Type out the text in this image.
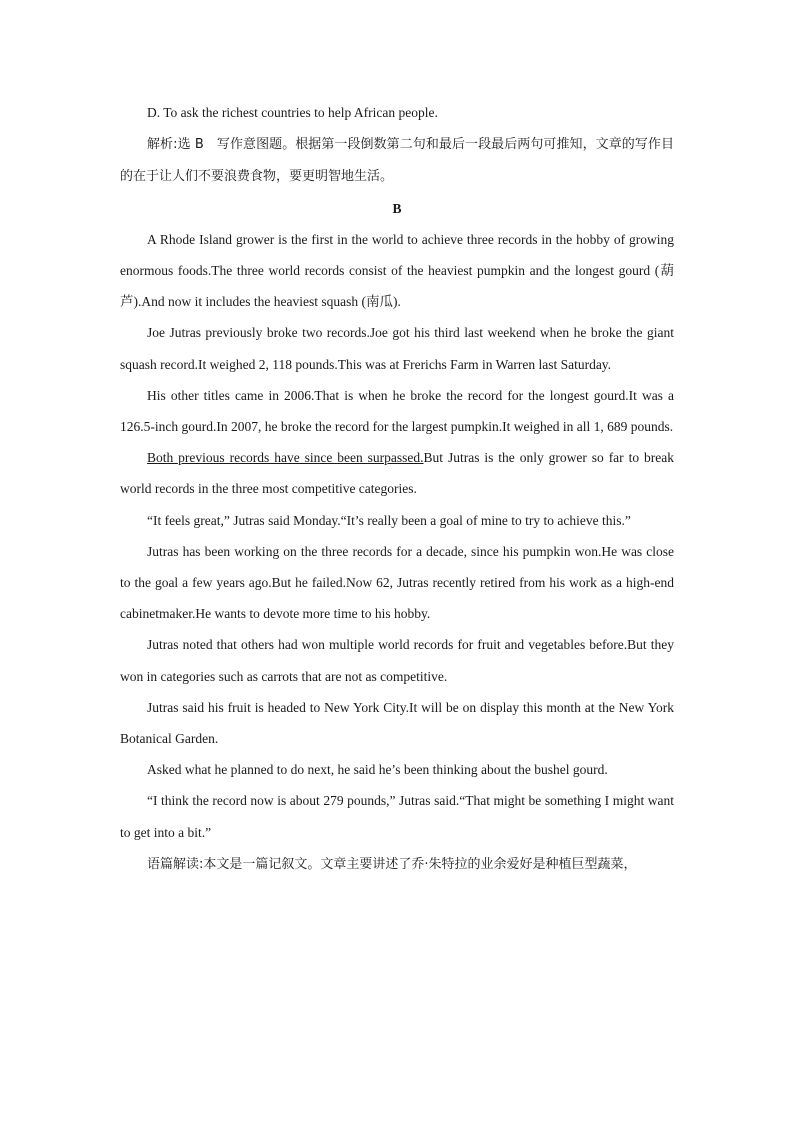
D. To ask the richest countries to help African people.

解析:选 B　写作意图题。根据第一段倒数第二句和最后一段最后两句可推知，文章的写作目的在于让人们不要浪费食物，要更明智地生活。

B

A Rhode Island grower is the first in the world to achieve three records in the hobby of growing enormous foods.The three world records consist of the heaviest pumpkin and the longest gourd (葫芦).And now it includes the heaviest squash (南瓜).

Joe Jutras previously broke two records.Joe got his third last weekend when he broke the giant squash record.It weighed 2, 118 pounds.This was at Frerichs Farm in Warren last Saturday.

His other titles came in 2006.That is when he broke the record for the longest gourd.It was a 126.5-inch gourd.In 2007, he broke the record for the largest pumpkin.It weighed in all 1, 689 pounds.

Both previous records have since been surpassed.But Jutras is the only grower so far to break world records in the three most competitive categories.

“It feels great,” Jutras said Monday.“It’s really been a goal of mine to try to achieve this.”

Jutras has been working on the three records for a decade, since his pumpkin won.He was close to the goal a few years ago.But he failed.Now 62, Jutras recently retired from his work as a high-end cabinetmaker.He wants to devote more time to his hobby.

Jutras noted that others had won multiple world records for fruit and vegetables before.But they won in categories such as carrots that are not as competitive.

Jutras said his fruit is headed to New York City.It will be on display this month at the New York Botanical Garden.

Asked what he planned to do next, he said he’s been thinking about the bushel gourd.

“I think the record now is about 279 pounds,” Jutras said.“That might be something I might want to get into a bit.”

语篇解读:本文是一篇记叙文。文章主要讲述了乔·朱特拉的业余爱好是种植巨型蔬菜，
